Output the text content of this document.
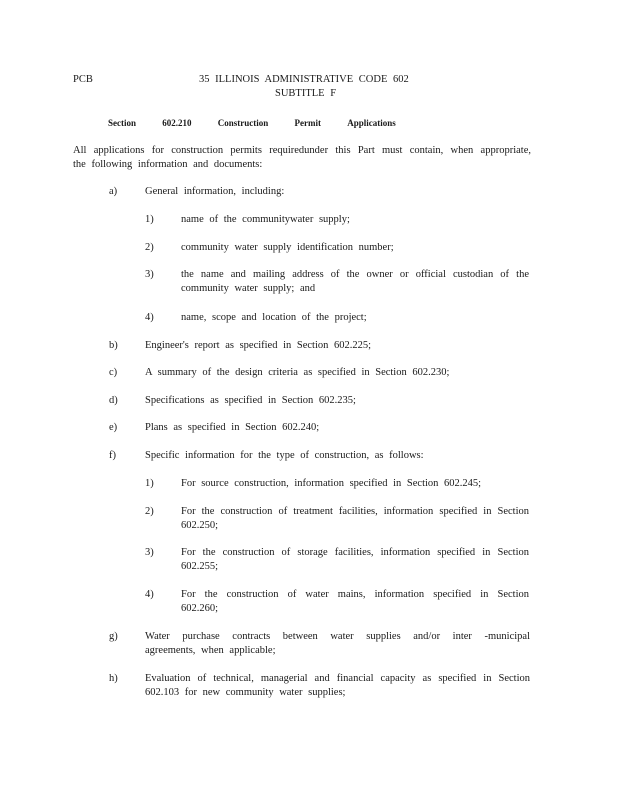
PCB	35 ILLINOIS ADMINISTRATIVE CODE 602
SUBTITLE F
Section	602.210	Construction	Permit	Applications
All applications for construction permits requiredunder this Part must contain, when appropriate, the following information and documents:
a)	General information, including:
1)	name of the communitywater supply;
2)	community water supply identification number;
3)	the name and mailing address of the owner or official custodian of the community water supply; and
4)	name, scope and location of the project;
b)	Engineer's report as specified in Section 602.225;
c)	A summary of the design criteria as specified in Section 602.230;
d)	Specifications as specified in Section 602.235;
e)	Plans as specified in Section 602.240;
f)	Specific information for the type of construction, as follows:
1)	For source construction, information specified in Section 602.245;
2)	For the construction of treatment facilities, information specified in Section 602.250;
3)	For the construction of storage facilities, information specified in Section 602.255;
4)	For the construction of water mains, information specified in Section 602.260;
g)	Water purchase contracts between water supplies and/or inter -municipal agreements, when applicable;
h)	Evaluation of technical, managerial and financial capacity as specified in Section 602.103 for new community water supplies;
